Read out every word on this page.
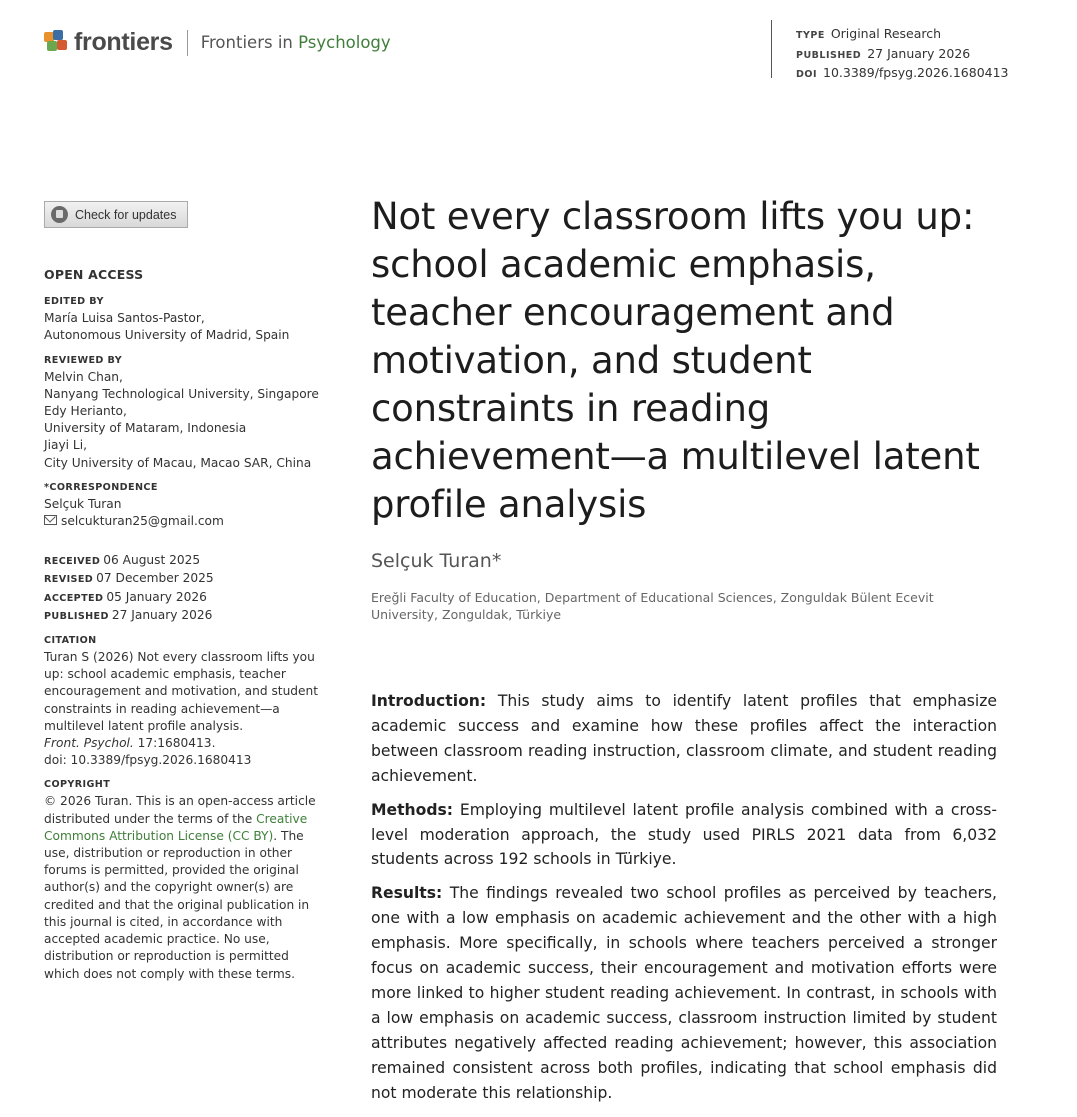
frontiers Frontiers in Psychology	TYPE Original Research
PUBLISHED 27 January 2026
DOI 10.3389/fpsyg.2026.1680413
Check for updates
OPEN ACCESS
EDITED BY
María Luisa Santos-Pastor,
Autonomous University of Madrid, Spain
REVIEWED BY
Melvin Chan,
Nanyang Technological University, Singapore
Edy Herianto,
University of Mataram, Indonesia
Jiayi Li,
City University of Macau, Macao SAR, China
*CORRESPONDENCE
Selçuk Turan
selcukturan25@gmail.com
RECEIVED 06 August 2025
REVISED 07 December 2025
ACCEPTED 05 January 2026
PUBLISHED 27 January 2026
CITATION
Turan S (2026) Not every classroom lifts you
up: school academic emphasis, teacher
encouragement and motivation, and student
constraints in reading achievement—a
multilevel latent profile analysis.
Front. Psychol. 17:1680413.
doi: 10.3389/fpsyg.2026.1680413
COPYRIGHT
© 2026 Turan. This is an open-access article
distributed under the terms of the Creative
Commons Attribution License (CC BY). The
use, distribution or reproduction in other
forums is permitted, provided the original
author(s) and the copyright owner(s) are
credited and that the original publication in
this journal is cited, in accordance with
accepted academic practice. No use,
distribution or reproduction is permitted
which does not comply with these terms.
Not every classroom lifts you up:
school academic emphasis,
teacher encouragement and
motivation, and student
constraints in reading
achievement—a multilevel latent
profile analysis
Selçuk Turan*
Ereğli Faculty of Education, Department of Educational Sciences, Zonguldak Bülent Ecevit University, Zonguldak, Türkiye

Introduction: This study aims to identify latent profiles that emphasize academic success and examine how these profiles affect the interaction between classroom reading instruction, classroom climate, and student reading achievement.

Methods: Employing multilevel latent profile analysis combined with a cross-level moderation approach, the study used PIRLS 2021 data from 6,032 students across 192 schools in Türkiye.

Results: The findings revealed two school profiles as perceived by teachers, one with a low emphasis on academic achievement and the other with a high emphasis. More specifically, in schools where teachers perceived a stronger focus on academic success, their encouragement and motivation efforts were more linked to higher student reading achievement. In contrast, in schools with a low emphasis on academic success, classroom instruction limited by student attributes negatively affected reading achievement; however, this association remained consistent across both profiles, indicating that school emphasis did not moderate this relationship.
